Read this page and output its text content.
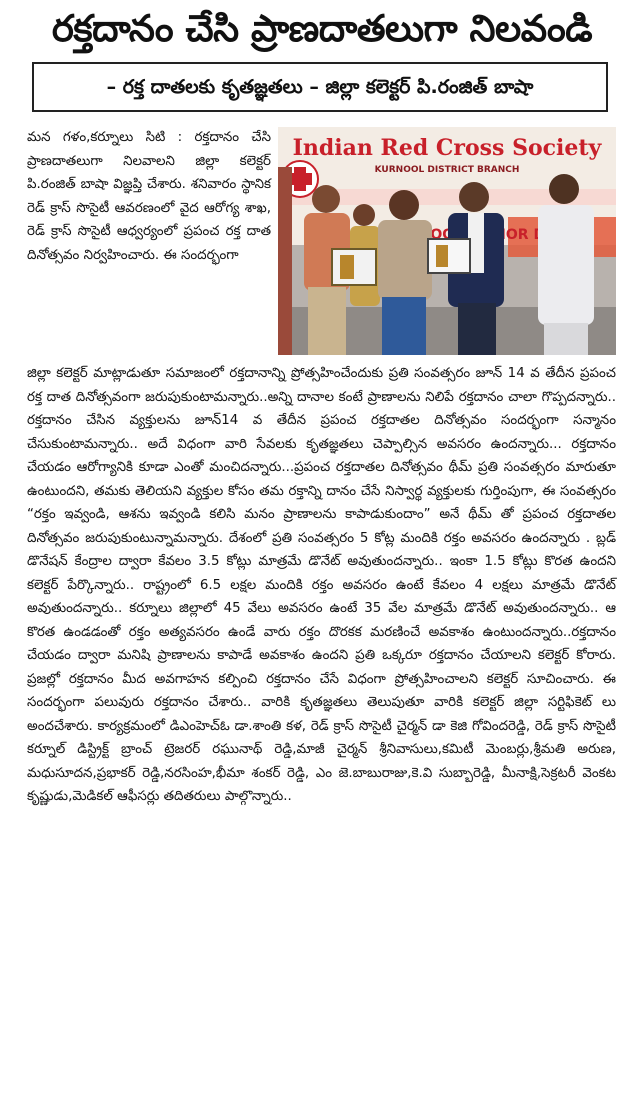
రక్తదానం చేసి ప్రాణదాతలుగా నిలవండి
– రక్త దాతలకు కృతజ్ఞతలు – జిల్లా కలెక్టర్ పి.రంజిత్ బాషా
Indian Red Cross Society
KURNOOL DISTRICT BRANCH
BLOOD
మన గళం,కర్నూలు సిటి : రక్తదానం చేసి ప్రాణదాతలుగా నిలవాలని జిల్లా కలెక్టర్ పి.రంజిత్ బాషా విజ్ఞప్తి చేశారు. శనివారం స్థానిక రెడ్ క్రాస్ సొసైటీ ఆవరణంలో వైద ఆరోగ్య శాఖ, రెడ్ క్రాస్ సొసైటీ ఆధ్వర్యంలో ప్రపంచ రక్త దాత దినోత్సవం నిర్వహించారు. ఈ సందర్భంగా
జిల్లా కలెక్టర్ మాట్లాడుతూ సమాజంలో రక్తదానాన్ని ప్రోత్సహించేందుకు ప్రతి సంవత్సరం జూన్ 14 వ తేదీన ప్రపంచ రక్త దాత దినోత్సవంగా జరుపుకుంటామన్నారు..అన్ని దానాల కంటే ప్రాణాలను నిలిపే రక్తదానం చాలా గొప్పదన్నారు.. రక్తదానం చేసిన వ్యక్తులను జూన్14 వ తేదీన ప్రపంచ రక్తదాతల దినోత్సవం సందర్భంగా సన్మానం చేసుకుంటామన్నారు.. అదే విధంగా వారి సేవలకు కృతజ్ఞతలు చెప్పాల్సిన అవసరం ఉందన్నారు... రక్తదానం చేయడం ఆరోగ్యానికి కూడా ఎంతో మంచిదన్నారు...ప్రపంచ రక్తదాతల దినోత్సవం థీమ్ ప్రతి సంవత్సరం మారుతూ ఉంటుందని, తమకు తెలియని వ్యక్తుల కోసం తమ రక్తాన్ని దానం చేసే నిస్వార్థ వ్యక్తులకు గుర్తింపుగా, ఈ సంవత్సరం “రక్తం ఇవ్వండి, ఆశను ఇవ్వండి కలిసి మనం ప్రాణాలను కాపాడుకుందాం” అనే థీమ్ తో ప్రపంచ రక్తదాతల దినోత్సవం జరుపుకుంటున్నామన్నారు. దేశంలో ప్రతి సంవత్సరం 5 కోట్ల మందికి రక్తం అవసరం ఉందన్నారు . బ్లడ్ డొనేషన్ కేంద్రాల ద్వారా కేవలం 3.5 కోట్లు మాత్రమే డొనేట్ అవుతుందన్నారు.. ఇంకా 1.5 కోట్లు కొరత ఉందని కలెక్టర్ పేర్కొన్నారు.. రాష్ట్రంలో 6.5 లక్షల మందికి రక్తం అవసరం ఉంటే కేవలం 4 లక్షలు మాత్రమే డొనేట్ అవుతుందన్నారు.. కర్నూలు జిల్లాలో 45 వేలు అవసరం ఉంటే 35 వేల మాత్రమే డొనేట్ అవుతుందన్నారు.. ఆ కొరత ఉండడంతో రక్తం అత్యవసరం ఉండే వారు రక్తం దొరకక మరణించే అవకాశం ఉంటుందన్నారు..రక్తదానం చేయడం ద్వారా మనిషి ప్రాణాలను కాపాడే అవకాశం ఉందని ప్రతి ఒక్కరూ రక్తదానం చేయాలని కలెక్టర్ కోరారు. ప్రజల్లో రక్తదానం మీద అవగాహన కల్పించి రక్తదానం చేసే విధంగా ప్రోత్సహించాలని కలెక్టర్ సూచించారు. ఈ సందర్భంగా పలువురు రక్తదానం చేశారు.. వారికి కృతజ్ఞతలు తెలుపుతూ వారికి కలెక్టర్ జిల్లా సర్టిఫికెట్ లు అందచేశారు. కార్యక్రమంలో డిఎంహెచ్ఓ డా.శాంతి కళ, రెడ్ క్రాస్ సొసైటీ చైర్మన్ డా కెజి గోవిందరెడ్డి, రెడ్ క్రాస్ సొసైటీ కర్నూల్ డిస్ట్రిక్ట్ బ్రాంచ్ ట్రెజరర్ రఘునాథ్ రెడ్డి,మాజీ చైర్మన్ శ్రీనివాసులు,కమిటీ మెంబర్లు,శ్రీమతి అరుణ, మధుసూదన,ప్రభాకర్ రెడ్డి,నరసింహ,భీమా శంకర్ రెడ్డి, ఎం జె.బాబురాజు,కె.వి సుబ్బారెడ్డి, మీనాక్షి,సెక్రటరీ వెంకట కృష్ణుడు,మెడికల్ ఆఫీసర్లు తదితరులు పాల్గొన్నారు..
